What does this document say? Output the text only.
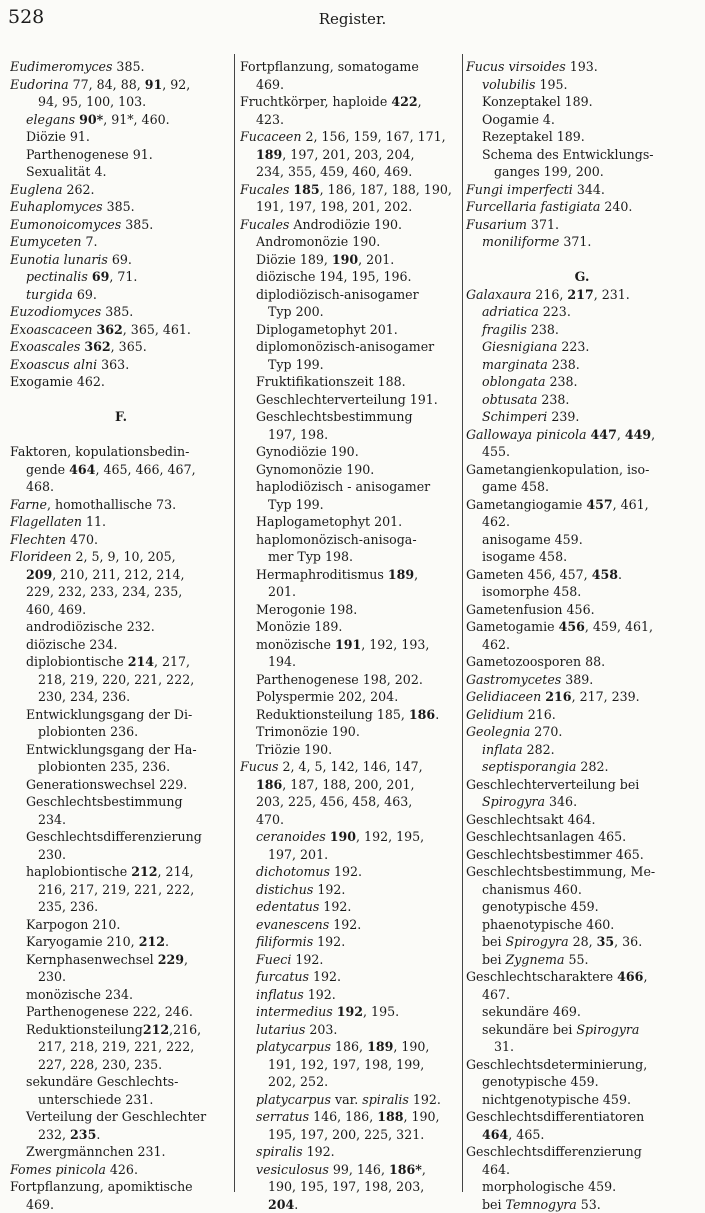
528	Register.
Eudimeromyces 385.
Eudorina 77, 84, 88, 91, 92,
94, 95, 100, 103.
elegans 90*, 91*, 460.
Diözie 91.
Parthenogenese 91.
Sexualität 4.
Euglena 262.
Euhaplomyces 385.
Eumonoicomyces 385.
Eumyceten 7.
Eunotia lunaris 69.
pectinalis 69, 71.
turgida 69.
Euzodiomyces 385.
Exoascaceen 362, 365, 461.
Exoascales 362, 365.
Exoascus alni 363.
Exogamie 462.
F.
Faktoren, kopulationsbedin-
gende 464, 465, 466, 467,
468.
Farne, homothallische 73.
Flagellaten 11.
Flechten 470.
Florideen 2, 5, 9, 10, 205,
209, 210, 211, 212, 214,
229, 232, 233, 234, 235,
460, 469.
androdiözische 232.
diözische 234.
diplobiontische 214, 217,
218, 219, 220, 221, 222,
230, 234, 236.
Entwicklungsgang der Di-
plobionten 236.
Entwicklungsgang der Ha-
plobionten 235, 236.
Generationswechsel 229.
Geschlechtsbestimmung
234.
Geschlechtsdifferenzierung
230.
haplobiontische 212, 214,
216, 217, 219, 221, 222,
235, 236.
Karpogon 210.
Karyogamie 210, 212.
Kernphasenwechsel 229,
230.
monözische 234.
Parthenogenese 222, 246.
Reduktionsteilung212,216,
217, 218, 219, 221, 222,
227, 228, 230, 235.
sekundäre Geschlechts-
unterschiede 231.
Verteilung der Geschlechter
232, 235.
Zwergmännchen 231.
Fomes pinicola 426.
Fortpflanzung, apomiktische
469.
Fortpflanzung, somatogame
469.
Fruchtkörper, haploide 422,
423.
Fucaceen 2, 156, 159, 167, 171,
189, 197, 201, 203, 204,
234, 355, 459, 460, 469.
Fucales 185, 186, 187, 188, 190,
191, 197, 198, 201, 202.
Fucales Androdiözie 190.
Andromonözie 190.
Diözie 189, 190, 201.
diözische 194, 195, 196.
diplodiözisch-anisogamer
Typ 200.
Diplogametophyt 201.
diplomonözisch-anisogamer
Typ 199.
Fruktifikationszeit 188.
Geschlechterverteilung 191.
Geschlechtsbestimmung
197, 198.
Gynodiözie 190.
Gynomonözie 190.
haplodiözisch - anisogamer
Typ 199.
Haplogametophyt 201.
haplomonözisch-anisoga-
mer Typ 198.
Hermaphroditismus 189,
201.
Merogonie 198.
Monözie 189.
monözische 191, 192, 193,
194.
Parthenogenese 198, 202.
Polyspermie 202, 204.
Reduktionsteilung 185, 186.
Trimonözie 190.
Triözie 190.
Fucus 2, 4, 5, 142, 146, 147,
186, 187, 188, 200, 201,
203, 225, 456, 458, 463,
470.
ceranoides 190, 192, 195,
197, 201.
dichotomus 192.
distichus 192.
edentatus 192.
evanescens 192.
filiformis 192.
Fueci 192.
furcatus 192.
inflatus 192.
intermedius 192, 195.
lutarius 203.
platycarpus 186, 189, 190,
191, 192, 197, 198, 199,
202, 252.
platycarpus var. spiralis 192.
serratus 146, 186, 188, 190,
195, 197, 200, 225, 321.
spiralis 192.
vesiculosus 99, 146, 186*,
190, 195, 197, 198, 203,
204.
Fucus virsoides 193.
volubilis 195.
Konzeptakel 189.
Oogamie 4.
Rezeptakel 189.
Schema des Entwicklungs-
ganges 199, 200.
Fungi imperfecti 344.
Furcellaria fastigiata 240.
Fusarium 371.
moniliforme 371.
G.
Galaxaura 216, 217, 231.
adriatica 223.
fragilis 238.
Giesnigiana 223.
marginata 238.
oblongata 238.
obtusata 238.
Schimperi 239.
Gallowaya pinicola 447, 449,
455.
Gametangienkopulation, iso-
game 458.
Gametangiogamie 457, 461,
462.
anisogame 459.
isogame 458.
Gameten 456, 457, 458.
isomorphe 458.
Gametenfusion 456.
Gametogamie 456, 459, 461,
462.
Gametozoosporen 88.
Gastromycetes 389.
Gelidiaceen 216, 217, 239.
Gelidium 216.
Geolegnia 270.
inflata 282.
septisporangia 282.
Geschlechterverteilung bei
Spirogyra 346.
Geschlechtsakt 464.
Geschlechtsanlagen 465.
Geschlechtsbestimmer 465.
Geschlechtsbestimmung, Me-
chanismus 460.
genotypische 459.
phaenotypische 460.
bei Spirogyra 28, 35, 36.
bei Zygnema 55.
Geschlechtscharaktere 466,
467.
sekundäre 469.
sekundäre bei Spirogyra
31.
Geschlechtsdeterminierung,
genotypische 459.
nichtgenotypische 459.
Geschlechtsdifferentiatoren
464, 465.
Geschlechtsdifferenzierung
464.
morphologische 459.
bei Temnogyra 53.
